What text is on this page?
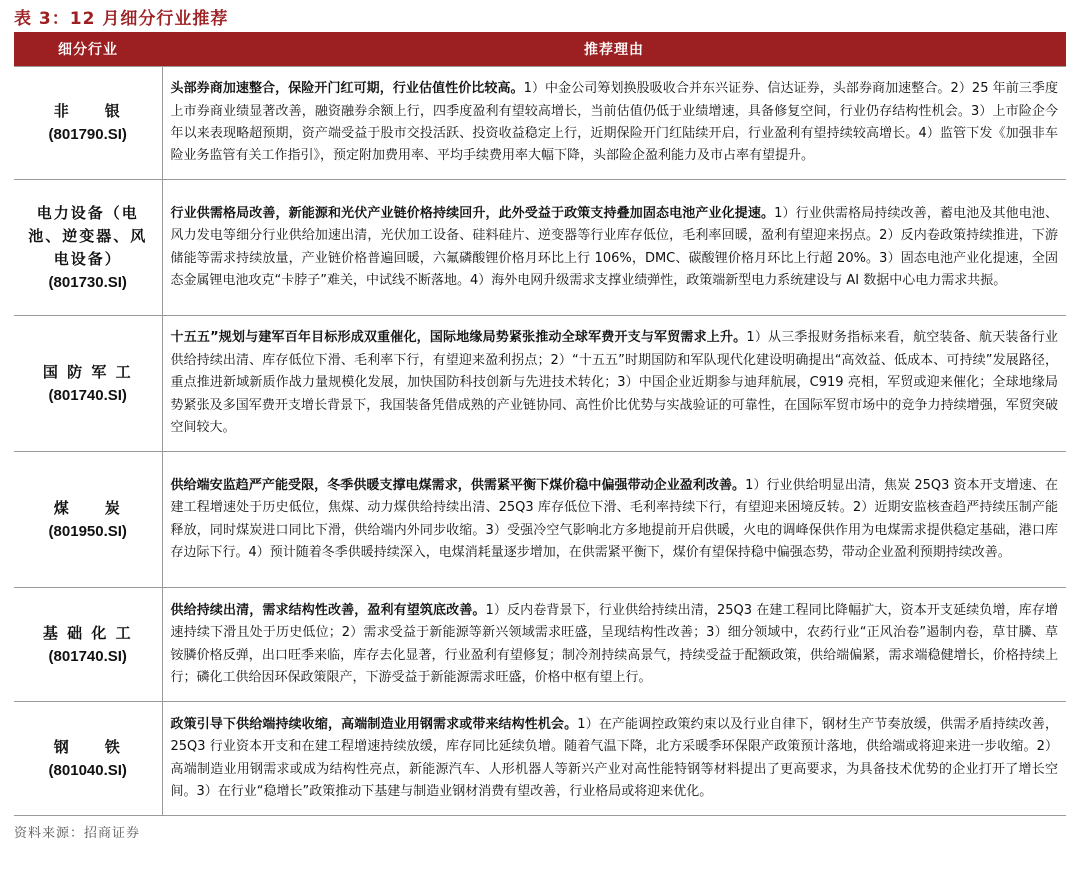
表 3：12 月细分行业推荐
细分行业	推荐理由

非　　银
(801790.SI)	头部券商加速整合，保险开门红可期，行业估值性价比较高。1）中金公司筹划换股吸收合并东兴证券、信达证券，头部券商加速整合。2）25 年前三季度上市券商业绩显著改善，融资融券余额上行，四季度盈利有望较高增长，当前估值仍低于业绩增速，具备修复空间，行业仍存结构性机会。3）上市险企今年以来表现略超预期，资产端受益于股市交投活跃、投资收益稳定上行，近期保险开门红陆续开启，行业盈利有望持续较高增长。4）监管下发《加强非车险业务监管有关工作指引》，预定附加费用率、平均手续费用率大幅下降，头部险企盈利能力及市占率有望提升。

电力设备（电池、逆变器、风电设备）
(801730.SI)	行业供需格局改善，新能源和光伏产业链价格持续回升，此外受益于政策支持叠加固态电池产业化提速。1）行业供需格局持续改善，蓄电池及其他电池、风力发电等细分行业供给加速出清，光伏加工设备、硅料硅片、逆变器等行业库存低位，毛利率回暖，盈利有望迎来拐点。2）反内卷政策持续推进，下游储能等需求持续放量，产业链价格普遍回暖，六氟磷酸锂价格月环比上行 106%，DMC、碳酸锂价格月环比上行超 20%。3）固态电池产业化提速，全固态金属锂电池攻克“卡脖子”难关，中试线不断落地。4）海外电网升级需求支撑业绩弹性，政策端新型电力系统建设与 AI 数据中心电力需求共振。

国 防 军 工
(801740.SI)	十五五”规划与建军百年目标形成双重催化，国际地缘局势紧张推动全球军费开支与军贸需求上升。1）从三季报财务指标来看，航空装备、航天装备行业供给持续出清、库存低位下滑、毛利率下行，有望迎来盈利拐点；2）“十五五”时期国防和军队现代化建设明确提出“高效益、低成本、可持续”发展路径，重点推进新域新质作战力量规模化发展，加快国防科技创新与先进技术转化；3）中国企业近期参与迪拜航展，C919 亮相，军贸或迎来催化；全球地缘局势紧张及多国军费开支增长背景下，我国装备凭借成熟的产业链协同、高性价比优势与实战验证的可靠性，在国际军贸市场中的竞争力持续增强，军贸突破空间较大。

煤　　炭
(801950.SI)	供给端安监趋严产能受限，冬季供暖支撑电煤需求，供需紧平衡下煤价稳中偏强带动企业盈利改善。1）行业供给明显出清，焦炭 25Q3 资本开支增速、在建工程增速处于历史低位，焦煤、动力煤供给持续出清、25Q3 库存低位下滑、毛利率持续下行，有望迎来困境反转。2）近期安监核查趋严持续压制产能释放，同时煤炭进口同比下滑，供给端内外同步收缩。3）受强冷空气影响北方多地提前开启供暖，火电的调峰保供作用为电煤需求提供稳定基础，港口库存边际下行。4）预计随着冬季供暖持续深入，电煤消耗量逐步增加，在供需紧平衡下，煤价有望保持稳中偏强态势，带动企业盈利预期持续改善。

基 础 化 工
(801740.SI)	供给持续出清，需求结构性改善，盈利有望筑底改善。1）反内卷背景下，行业供给持续出清，25Q3 在建工程同比降幅扩大，资本开支延续负增，库存增速持续下滑且处于历史低位；2）需求受益于新能源等新兴领域需求旺盛，呈现结构性改善；3）细分领域中，农药行业“正风治卷”遏制内卷，草甘膦、草铵膦价格反弹，出口旺季来临，库存去化显著，行业盈利有望修复；制冷剂持续高景气，持续受益于配额政策，供给端偏紧，需求端稳健增长，价格持续上行；磷化工供给因环保政策限产，下游受益于新能源需求旺盛，价格中枢有望上行。

钢　　铁
(801040.SI)	政策引导下供给端持续收缩，高端制造业用钢需求或带来结构性机会。1）在产能调控政策约束以及行业自律下，钢材生产节奏放缓，供需矛盾持续改善，25Q3 行业资本开支和在建工程增速持续放缓，库存同比延续负增。随着气温下降，北方采暖季环保限产政策预计落地，供给端或将迎来进一步收缩。2）高端制造业用钢需求或成为结构性亮点，新能源汽车、人形机器人等新兴产业对高性能特钢等材料提出了更高要求，为具备技术优势的企业打开了增长空间。3）在行业“稳增长”政策推动下基建与制造业钢材消费有望改善，行业格局或将迎来优化。
资料来源：招商证券
